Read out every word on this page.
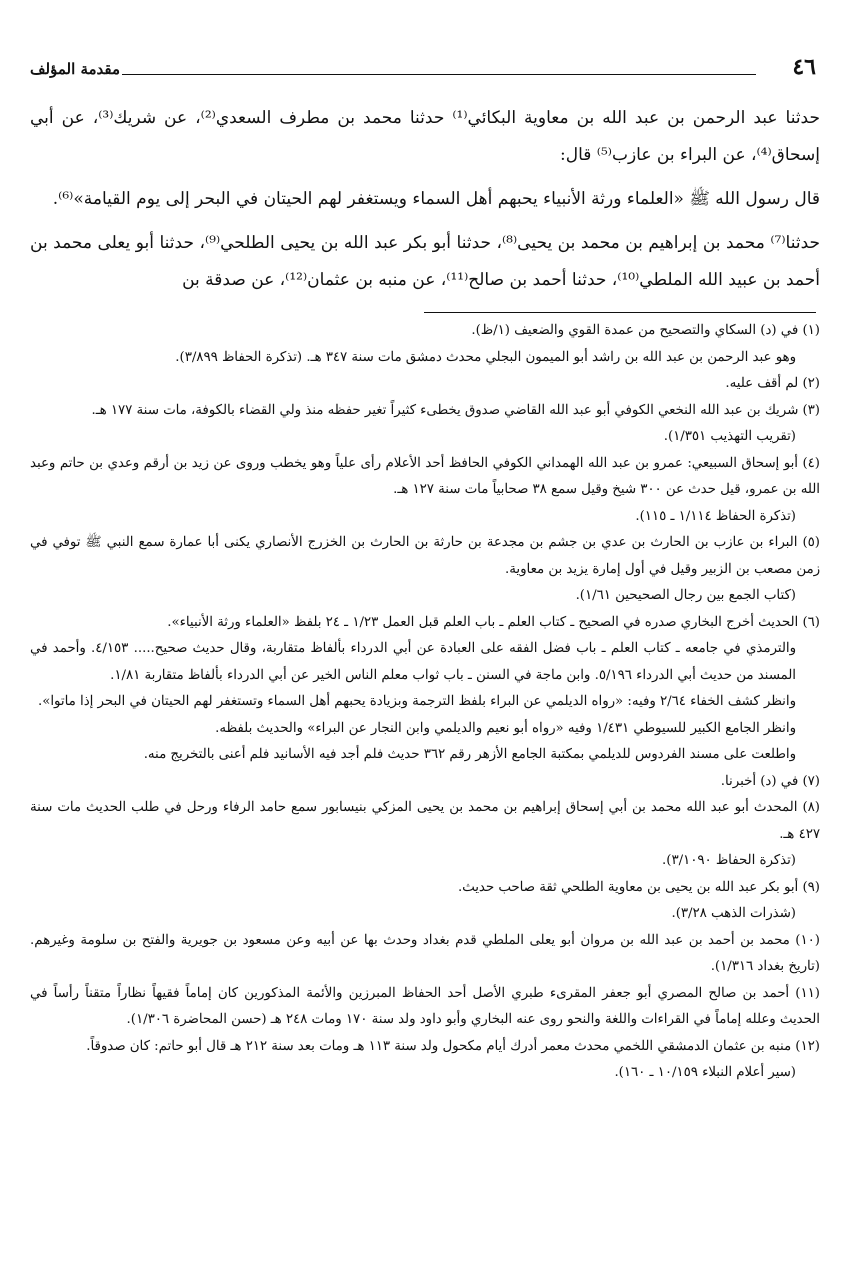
٤٦
مقدمة المؤلف

حدثنا عبد الرحمن بن عبد الله بن معاوية البكائي⁽¹⁾ حدثنا محمد بن مطرف السعدي⁽²⁾، عن شريك⁽³⁾، عن أبي إسحاق⁽⁴⁾، عن البراء بن عازب⁽⁵⁾ قال:

قال رسول الله ﷺ «العلماء ورثة الأنبياء يحبهم أهل السماء ويستغفر لهم الحيتان في البحر إلى يوم القيامة»⁽⁶⁾.

حدثنا⁽⁷⁾ محمد بن إبراهيم بن محمد بن يحيى⁽⁸⁾، حدثنا أبو بكر عبد الله بن يحيى الطلحي⁽⁹⁾، حدثنا أبو يعلى محمد بن أحمد بن عبيد الله الملطي⁽¹⁰⁾، حدثنا أحمد بن صالح⁽¹¹⁾، عن منبه بن عثمان⁽¹²⁾، عن صدقة بن

(١) في (د) السكاي والتصحيح من عمدة القوي والضعيف (١/ظ).
وهو عبد الرحمن بن عبد الله بن راشد أبو الميمون البجلي محدث دمشق مات سنة ٣٤٧ هـ. (تذكرة الحفاظ ٣/٨٩٩).
(٢) لم أقف عليه.
(٣) شريك بن عبد الله النخعي الكوفي أبو عبد الله القاضي صدوق يخطىء كثيراً تغير حفظه منذ ولي القضاء بالكوفة، مات سنة ١٧٧ هـ.
(تقريب التهذيب ١/٣٥١).
(٤) أبو إسحاق السبيعي: عمرو بن عبد الله الهمداني الكوفي الحافظ أحد الأعلام رأى علياً وهو يخطب وروى عن زيد بن أرقم وعدي بن حاتم وعبد الله بن عمرو، قيل حدث عن ٣٠٠ شيخ وقيل سمع ٣٨ صحابياً مات سنة ١٢٧ هـ.
(تذكرة الحفاظ ١/١١٤ ـ ١١٥).
(٥) البراء بن عازب بن الحارث بن عدي بن جشم بن مجدعة بن حارثة بن الحارث بن الخزرج الأنصاري يكنى أبا عمارة سمع النبي ﷺ توفي في زمن مصعب بن الزبير وقيل في أول إمارة يزيد بن معاوية.
(كتاب الجمع بين رجال الصحيحين ١/٦١).
(٦) الحديث أخرج البخاري صدره في الصحيح ـ كتاب العلم ـ باب العلم قبل العمل ١/٢٣ ـ ٢٤ بلفظ «العلماء ورثة الأنبياء».
والترمذي في جامعه ـ كتاب العلم ـ باب فضل الفقه على العبادة عن أبي الدرداء بألفاظ متقاربة، وقال حديث صحيح..... ٤/١٥٣. وأحمد في المسند من حديث أبي الدرداء ٥/١٩٦. وابن ماجة في السنن ـ باب ثواب معلم الناس الخير عن أبي الدرداء بألفاظ متقاربة ١/٨١.
وانظر كشف الخفاء ٢/٦٤ وفيه: «رواه الديلمي عن البراء بلفظ الترجمة وبزيادة يحبهم أهل السماء وتستغفر لهم الحيتان في البحر إذا ماتوا».
وانظر الجامع الكبير للسيوطي ١/٤٣١ وفيه «رواه أبو نعيم والديلمي وابن النجار عن البراء» والحديث بلفظه.
واطلعت على مسند الفردوس للديلمي بمكتبة الجامع الأزهر رقم ٣٦٢ حديث فلم أجد فيه الأسانيد فلم أعنى بالتخريج منه.
(٧) في (د) أخبرنا.
(٨) المحدث أبو عبد الله محمد بن أبي إسحاق إبراهيم بن محمد بن يحيى المزكي بنيسابور سمع حامد الرفاء ورحل في طلب الحديث مات سنة ٤٢٧ هـ.
(تذكرة الحفاظ ٣/١٠٩٠).
(٩) أبو بكر عبد الله بن يحيى بن معاوية الطلحي ثقة صاحب حديث.
(شذرات الذهب ٣/٢٨).
(١٠) محمد بن أحمد بن عبد الله بن مروان أبو يعلى الملطي قدم بغداد وحدث بها عن أبيه وعن مسعود بن جويرية والفتح بن سلومة وغيرهم. (تاريخ بغداد ١/٣١٦).
(١١) أحمد بن صالح المصري أبو جعفر المقرىء طبري الأصل أحد الحفاظ المبرزين والأئمة المذكورين كان إماماً فقيهاً نظاراً متقناً رأساً في الحديث وعلله إماماً في القراءات واللغة والنحو روى عنه البخاري وأبو داود ولد سنة ١٧٠ ومات ٢٤٨ هـ (حسن المحاضرة ١/٣٠٦).
(١٢) منبه بن عثمان الدمشقي اللخمي محدث معمر أدرك أيام مكحول ولد سنة ١١٣ هـ ومات بعد سنة ٢١٢ هـ قال أبو حاتم: كان صدوقاً.
(سير أعلام النبلاء ١٠/١٥٩ ـ ١٦٠).
